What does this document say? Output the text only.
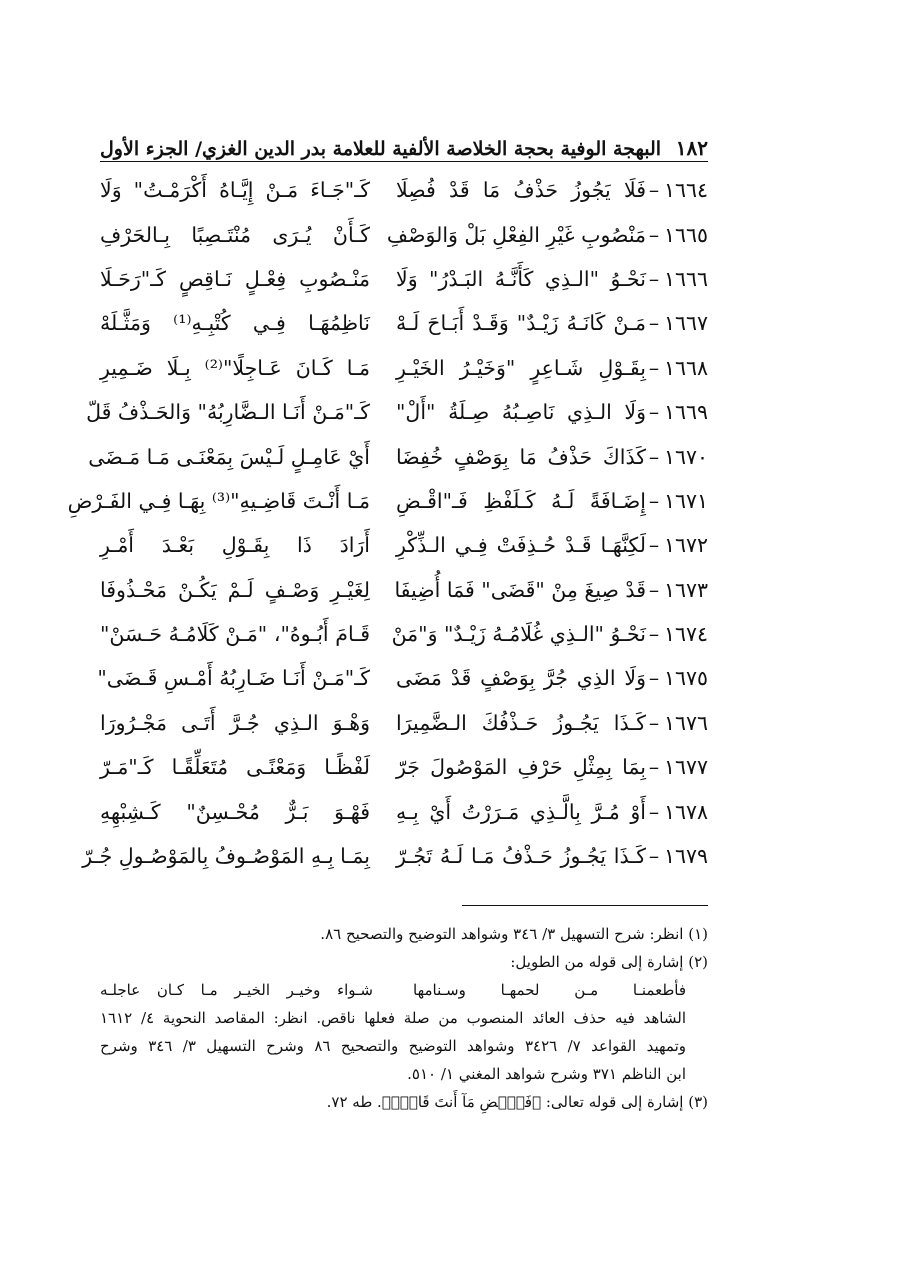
١٨٢
البهجة الوفية بحجة الخلاصة الألفية للعلامة بدر الدين الغزي/ الجزء الأول
١٦٦٤
–
فَلَا يَجُوزُ حَذْفُ مَا قَدْ فُصِلَا
كَـ"جَـاءَ مَـنْ إِيَّـاهُ أَكْرَمْـتُ" وَلَا
١٦٦٥
–
مَنْصُوبِ غَيْرِ الفِعْلِ بَلْ وَالوَصْفِ
كَـأَنْ يُـرَى مُنْتَـصِبًا بِـالحَرْفِ
١٦٦٦
–
نَحْـوُ "الـذِي كَأَنَّـهُ البَـدْرُ" وَلَا
مَنْـصُوبِ فِعْـلٍ نَـاقِصٍ كَـ"رَحَـلَا
١٦٦٧
–
مَـنْ كَانَـهُ زَيْـدٌ" وَقَـدْ أَبَـاحَ لَـهْ
نَاظِمُهَـا فِـي كُتْبِـهِ⁽¹⁾ وَمَثَّـلَهْ
١٦٦٨
–
بِقَـوْلِ شَـاعِرٍ "وَخَيْـرُ الخَيْـرِ
مَـا كَـانَ عَـاجِلًا"⁽²⁾ بِـلَا ضَـمِيرِ
١٦٦٩
–
وَلَا الـذِي نَاصِـبُهُ صِـلَةُ "أَلْ"
كَـ"مَـنْ أَنَـا الـضَّارِبُهُ" وَالحَـذْفُ قَلّ
١٦٧٠
–
كَذَاكَ حَذْفُ مَا بِوَصْفٍ خُفِضَا
أَيْ عَامِـلٍ لَـيْسَ بِمَعْنَـى مَـا مَـضَى
١٦٧١
–
إِضَـافَةً لَـهُ كَـلَفْظِ فَـ"اقْـضِ
مَـا أَنْـتَ قَاضِـيهِ"⁽³⁾ بِهَـا فِـي الفَـرْضِ
١٦٧٢
–
لَكِنَّهَـا قَـدْ حُـذِفَتْ فِـي الـذِّكْرِ
أَرَادَ ذَا بِقَـوْلِ بَعْـدَ أَمْـرِ
١٦٧٣
–
قَدْ صِيغَ مِنْ "قَضَى" فَمَا أُضِيفَا
لِغَيْـرِ وَصْـفٍ لَـمْ يَكُـنْ مَحْـذُوفَا
١٦٧٤
–
نَحْـوُ "الـذِي غُلَامُـهُ زَيْـدٌ" وَ"مَنْ
قَـامَ أَبُـوهُ"، "مَـنْ كَلَامُـهُ حَـسَنْ"
١٦٧٥
–
وَلَا الذِي جُرَّ بِوَصْفٍ قَدْ مَضَى
كَـ"مَـنْ أَنَـا ضَـارِبُهُ أَمْـسِ قَـضَى"
١٦٧٦
–
كَـذَا يَجُـوزُ حَـذْفُكَ الـضَّمِيرَا
وَهْـوَ الـذِي جُـرَّ أَتَـى مَجْـرُورَا
١٦٧٧
–
بِمَا بِمِثْلِ حَرْفِ المَوْصُولَ جَرّ
لَفْظًـا وَمَعْنًـى مُتَعَلِّقًـا كَـ"مَـرّ
١٦٧٨
–
أَوْ مُـرَّ بِالَّـذِي مَـرَرْتُ أَيْ بِـهِ
فَهْـوَ بَـرٌّ مُحْـسِنٌ" كَـشِبْهِهِ
١٦٧٩
–
كَـذَا يَجُـوزُ حَـذْفُ مَـا لَـهُ تَجُـرّ
بِمَـا بِـهِ المَوْصُـوفُ بِالمَوْصُـولِ جُـرّ
(١) انظر: شرح التسهيل ٣/ ٣٤٦ وشواهد التوضيح والتصحيح ٨٦.
(٢) إشارة إلى قوله من الطويل:
فأطعمنـا مـن لحمهـا وسـنامها
شـواء وخيـر الخيـر مـا كـان عاجلـه
الشاهد فيه حذف العائد المنصوب من صلة فعلها ناقص. انظر: المقاصد النحوية ٤/ ١٦١٢
وتمهيد القواعد ٧/ ٣٤٢٦ وشواهد التوضيح والتصحيح ٨٦ وشرح التسهيل ٣/ ٣٤٦ وشرح
ابن الناظم ٣٧١ وشرح شواهد المغني ١/ ٥١٠.
(٣) إشارة إلى قوله تعالى: ﴿فَٱقۡضِ مَآ أَنتَ قَاضٍۖ﴾. طه ٧٢.
